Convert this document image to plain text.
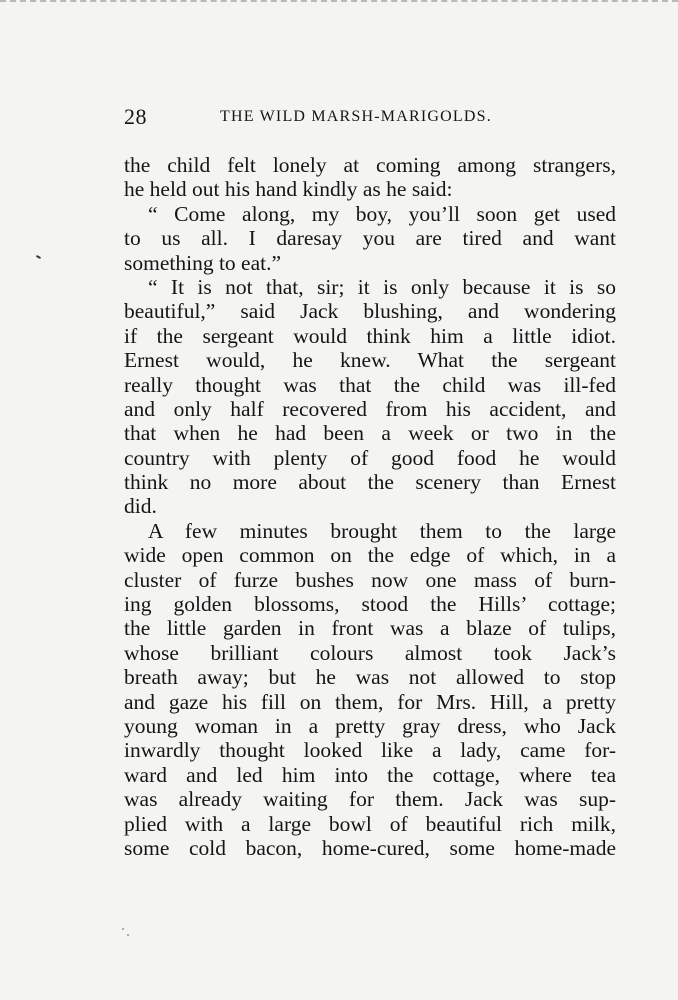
28	THE WILD MARSH-MARIGOLDS.
the child felt lonely at coming among strangers,
he held out his hand kindly as he said:
“ Come along, my boy, you’ll soon get used
to us all. I daresay you are tired and want
something to eat.”
“ It is not that, sir; it is only because it is so
beautiful,” said Jack blushing, and wondering
if the sergeant would think him a little idiot.
Ernest would, he knew. What the sergeant
really thought was that the child was ill-fed
and only half recovered from his accident, and
that when he had been a week or two in the
country with plenty of good food he would
think no more about the scenery than Ernest
did.
A few minutes brought them to the large
wide open common on the edge of which, in a
cluster of furze bushes now one mass of burn-
ing golden blossoms, stood the Hills’ cottage;
the little garden in front was a blaze of tulips,
whose brilliant colours almost took Jack’s
breath away; but he was not allowed to stop
and gaze his fill on them, for Mrs. Hill, a pretty
young woman in a pretty gray dress, who Jack
inwardly thought looked like a lady, came for-
ward and led him into the cottage, where tea
was already waiting for them. Jack was sup-
plied with a large bowl of beautiful rich milk,
some cold bacon, home-cured, some home-made
